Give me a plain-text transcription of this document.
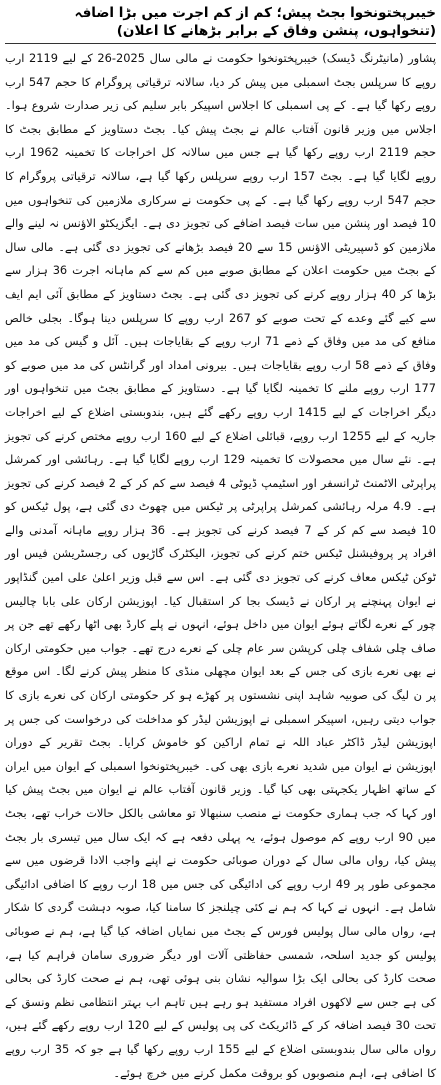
خیبرپختونخوا بجٹ پیش؛ کم از کم اجرت میں بڑا اضافہ (تنخواہوں، پنشن وفاق کے برابر بڑھانے کا اعلان)

پشاور (مانیٹرنگ ڈیسک) خیبرپختونخوا حکومت نے مالی سال 2025-26 کے لیے 2119 ارب روپے کا سرپلس بجٹ اسمبلی میں پیش کر دیا، سالانہ ترقیاتی پروگرام کا حجم 547 ارب روپے رکھا گیا ہے۔ کے پی اسمبلی کا اجلاس اسپیکر بابر سلیم کی زیر صدارت شروع ہوا۔ اجلاس میں وزیر قانون آفتاب عالم نے بجٹ پیش کیا۔ بجٹ دستاویز کے مطابق بجٹ کا حجم 2119 ارب روپے رکھا گیا ہے جس میں سالانہ کل اخراجات کا تخمینہ 1962 ارب روپے لگایا گیا ہے۔ بجٹ 157 ارب روپے سرپلس رکھا گیا ہے، سالانہ ترقیاتی پروگرام کا حجم 547 ارب روپے رکھا گیا ہے۔ کے پی حکومت نے سرکاری ملازمین کی تنخواہوں میں 10 فیصد اور پنشن میں سات فیصد اضافے کی تجویز دی ہے۔ ایگزیکٹو الاؤنس نہ لینے والے ملازمین کو ڈسپیریٹی الاؤنس 15 سے 20 فیصد بڑھانے کی تجویز دی گئی ہے۔ مالی سال کے بجٹ میں حکومت اعلان کے مطابق صوبے میں کم سے کم ماہانہ اجرت 36 ہزار سے بڑھا کر 40 ہزار روپے کرنے کی تجویز دی گئی ہے۔ بجٹ دستاویز کے مطابق آئی ایم ایف سے کیے گئے وعدے کے تحت صوبے کو 267 ارب روپے کا سرپلس دینا ہوگا۔ بجلی خالص منافع کی مد میں وفاق کے ذمے 71 ارب روپے کے بقایاجات ہیں۔ آئل و گیس کی مد میں وفاق کے ذمے 58 ارب روپے بقایاجات ہیں۔ بیرونی امداد اور گرانٹس کی مد میں صوبے کو 177 ارب روپے ملنے کا تخمینہ لگایا گیا ہے۔ دستاویز کے مطابق بجٹ میں تنخواہوں اور دیگر اخراجات کے لیے 1415 ارب روپے رکھے گئے ہیں، بندوبستی اضلاع کے لیے اخراجات جاریہ کے لیے 1255 ارب روپے، قبائلی اضلاع کے لیے 160 ارب روپے مختص کرنے کی تجویز ہے۔ نئے سال میں محصولات کا تخمینہ 129 ارب روپے لگایا گیا ہے۔ رہائشی اور کمرشل پراپرٹی الاٹمنٹ ٹرانسفر اور اسٹیمپ ڈیوٹی 4 فیصد سے کم کر کے 2 فیصد کرنے کی تجویز ہے۔ 4.9 مرلہ رہائشی کمرشل پراپرٹی پر ٹیکس میں چھوٹ دی گئی ہے، پول ٹیکس کو 10 فیصد سے کم کر کے 7 فیصد کرنے کی تجویز ہے۔ 36 ہزار روپے ماہانہ آمدنی والے افراد پر پروفیشنل ٹیکس ختم کرنے کی تجویز، الیکٹرک گاڑیوں کی رجسٹریشن فیس اور ٹوکن ٹیکس معاف کرنے کی تجویز دی گئی ہے۔ اس سے قبل وزیر اعلیٰ علی امین گنڈاپور نے ایوان پہنچنے پر ارکان نے ڈیسک بجا کر استقبال کیا۔ اپوزیشن ارکان علی بابا چالیس چور کے نعرے لگاتے ہوئے ایوان میں داخل ہوئے، انہوں نے پلے کارڈ بھی اٹھا رکھے تھے جن پر صاف چلی شفاف چلی کرپشن سر عام چلی کے نعرے درج تھے۔ جواب میں حکومتی ارکان نے بھی نعرے بازی کی جس کے بعد ایوان مچھلی منڈی کا منظر پیش کرنے لگا۔ اس موقع پر ن لیگ کی صوبیہ شاہد اپنی نشستوں پر کھڑے ہو کر حکومتی ارکان کی نعرے بازی کا جواب دیتی رہیں، اسپیکر اسمبلی نے اپوزیشن لیڈر کو مداخلت کی درخواست کی جس پر اپوزیشن لیڈر ڈاکٹر عباد اللہ نے تمام اراکین کو خاموش کرایا۔ بجٹ تقریر کے دوران اپوزیشن نے ایوان میں شدید نعرے بازی بھی کی۔ خیبرپختونخوا اسمبلی کے ایوان میں ایران کے ساتھ اظہار یکجہتی بھی کیا گیا۔ وزیر قانون آفتاب عالم نے ایوان میں بجٹ پیش کیا اور کہا کہ جب ہماری حکومت نے منصب سنبھالا تو معاشی بالکل حالات خراب تھے، بجٹ میں 90 ارب روپے کم موصول ہوئے، یہ پہلی دفعہ ہے کہ ایک سال میں تیسری بار بجٹ پیش کیا، رواں مالی سال کے دوران صوبائی حکومت نے اپنے واجب الادا قرضوں میں سے مجموعی طور پر 49 ارب روپے کی ادائیگی کی جس میں 18 ارب روپے کا اضافی ادائیگی شامل ہے۔ انہوں نے کہا کہ ہم نے کئی چیلنجز کا سامنا کیا، صوبہ دہشت گردی کا شکار ہے، رواں مالی سال پولیس فورس کے بجٹ میں نمایاں اضافہ کیا گیا ہے، ہم نے صوبائی پولیس کو جدید اسلحہ، شمسی حفاظتی آلات اور دیگر ضروری سامان فراہم کیا ہے، صحت کارڈ کی بحالی ایک بڑا سوالیہ نشان بنی ہوئی تھی، ہم نے صحت کارڈ کی بحالی کی ہے جس سے لاکھوں افراد مستفید ہو رہے ہیں تاہم اب بہتر انتظامی نظم ونسق کے تحت 30 فیصد اضافہ کر کے ڈائریکٹ کی پی پولیس کے لیے 120 ارب روپے رکھے گئے ہیں، رواں مالی سال بندوبستی اضلاع کے لیے 155 ارب روپے رکھا گیا ہے جو کہ 35 ارب روپے کا اضافی ہے، اہم منصوبوں کو بروقت مکمل کرنے میں خرچ ہوئے۔
